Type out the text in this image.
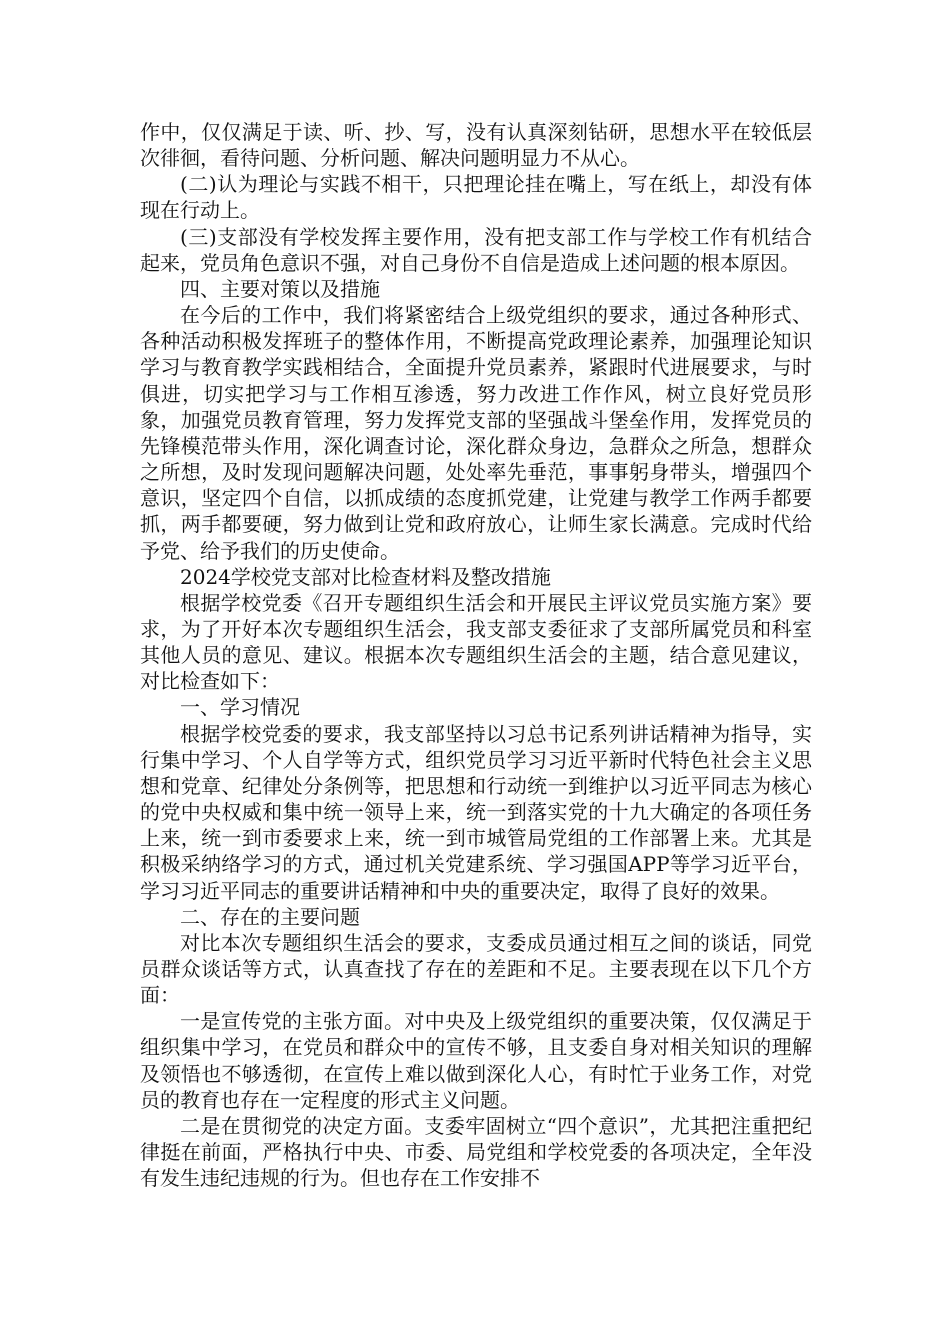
作中，仅仅满足于读、听、抄、写，没有认真深刻钻研，思想水平在较低层次徘徊，看待问题、分析问题、解决问题明显力不从心。

(二)认为理论与实践不相干，只把理论挂在嘴上，写在纸上，却没有体现在行动上。

(三)支部没有学校发挥主要作用，没有把支部工作与学校工作有机结合起来，党员角色意识不强，对自己身份不自信是造成上述问题的根本原因。

四、主要对策以及措施

在今后的工作中，我们将紧密结合上级党组织的要求，通过各种形式、各种活动积极发挥班子的整体作用，不断提高党政理论素养，加强理论知识学习与教育教学实践相结合，全面提升党员素养，紧跟时代进展要求，与时俱进，切实把学习与工作相互渗透，努力改进工作作风，树立良好党员形象，加强党员教育管理，努力发挥党支部的坚强战斗堡垒作用，发挥党员的先锋模范带头作用，深化调查讨论，深化群众身边，急群众之所急，想群众之所想，及时发现问题解决问题，处处率先垂范，事事躬身带头，增强四个意识，坚定四个自信，以抓成绩的态度抓党建，让党建与教学工作两手都要抓，两手都要硬，努力做到让党和政府放心，让师生家长满意。完成时代给予党、给予我们的历史使命。

2024学校党支部对比检查材料及整改措施

根据学校党委《召开专题组织生活会和开展民主评议党员实施方案》要求，为了开好本次专题组织生活会，我支部支委征求了支部所属党员和科室其他人员的意见、建议。根据本次专题组织生活会的主题，结合意见建议，对比检查如下：

一、学习情况

根据学校党委的要求，我支部坚持以习总书记系列讲话精神为指导，实行集中学习、个人自学等方式，组织党员学习习近平新时代特色社会主义思想和党章、纪律处分条例等，把思想和行动统一到维护以习近平同志为核心的党中央权威和集中统一领导上来，统一到落实党的十九大确定的各项任务上来，统一到市委要求上来，统一到市城管局党组的工作部署上来。尤其是积极采纳络学习的方式，通过机关党建系统、学习强国APP等学习近平台，学习习近平同志的重要讲话精神和中央的重要决定，取得了良好的效果。

二、存在的主要问题

对比本次专题组织生活会的要求，支委成员通过相互之间的谈话，同党员群众谈话等方式，认真查找了存在的差距和不足。主要表现在以下几个方面：

一是宣传党的主张方面。对中央及上级党组织的重要决策，仅仅满足于组织集中学习，在党员和群众中的宣传不够，且支委自身对相关知识的理解及领悟也不够透彻，在宣传上难以做到深化人心，有时忙于业务工作，对党员的教育也存在一定程度的形式主义问题。

二是在贯彻党的决定方面。支委牢固树立“四个意识”，尤其把注重把纪律挺在前面，严格执行中央、市委、局党组和学校党委的各项决定，全年没有发生违纪违规的行为。但也存在工作安排不
